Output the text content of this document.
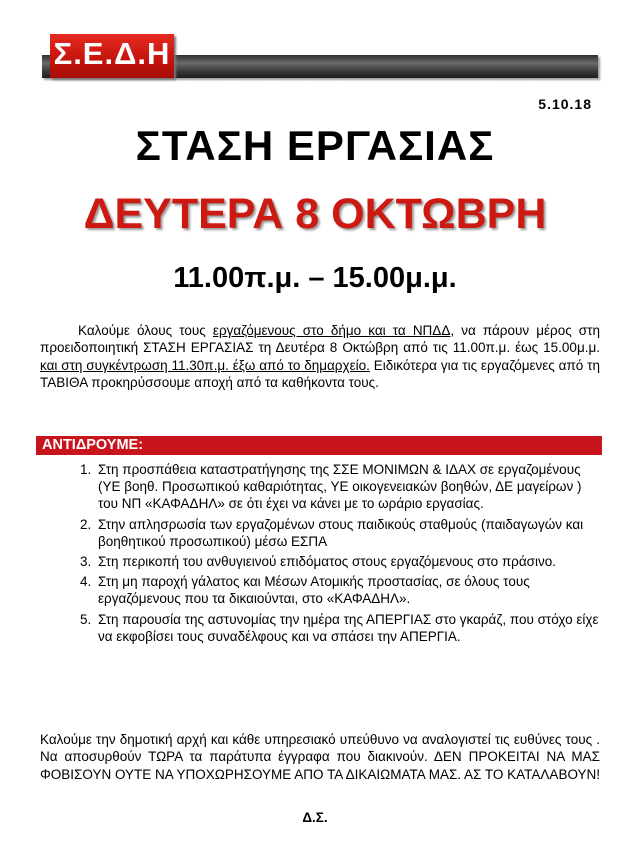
ΣΩΜΑΤΕΙΟ ΕΡΓΑΖΟΜΕΝΩΝ ΔΗΜΟΥ ΗΛΙΟΥΠΟΛΗΣ
Σ.Ε.Δ.Η
5.10.18
ΣΤΑΣΗ ΕΡΓΑΣΙΑΣ
ΔΕΥΤΕΡΑ 8 ΟΚΤΩΒΡΗ
11.00π.μ. – 15.00μ.μ.

Καλούμε όλους τους εργαζόμενους στο δήμο και τα ΝΠΔΔ, να πάρουν μέρος στη προειδοποιητική ΣΤΑΣΗ ΕΡΓΑΣΙΑΣ τη Δευτέρα 8 Οκτώβρη από τις 11.00π.μ. έως 15.00μ.μ. και στη συγκέντρωση 11.30π.μ. έξω από το δημαρχείο. Ειδικότερα για τις εργαζόμενες από τη ΤΑΒΙΘΑ προκηρύσσουμε αποχή από τα καθήκοντα τους.

ΑΝΤΙΔΡΟΥΜΕ:
1. Στη προσπάθεια καταστρατήγησης της ΣΣΕ ΜΟΝΙΜΩΝ & ΙΔΑΧ σε εργαζομένους (ΥΕ βοηθ. Προσωπικού καθαριότητας, ΥΕ οικογενειακών βοηθών, ΔΕ μαγείρων ) του ΝΠ «ΚΑΦΑΔΗΛ» σε ότι έχει να κάνει με το ωράριο εργασίας.
2. Στην απλησρωσία των εργαζομένων στους παιδικούς σταθμούς (παιδαγωγών και βοηθητικού προσωπικού) μέσω ΕΣΠΑ
3. Στη περικοπή του ανθυγιεινού επιδόματος στους εργαζόμενους στο πράσινο.
4. Στη μη παροχή γάλατος και Μέσων Ατομικής προστασίας, σε όλους τους εργαζόμενους που τα δικαιούνται, στο «ΚΑΦΑΔΗΛ».
5. Στη παρουσία της αστυνομίας την ημέρα της ΑΠΕΡΓΙΑΣ στο γκαράζ, που στόχο είχε να εκφοβίσει τους συναδέλφους και να σπάσει την ΑΠΕΡΓΙΑ.

Καλούμε την δημοτική αρχή και κάθε υπηρεσιακό υπεύθυνο να αναλογιστεί τις ευθύνες τους . Να αποσυρθούν ΤΩΡΑ τα παράτυπα έγγραφα που διακινούν. ΔΕΝ ΠΡΟΚΕΙΤΑΙ ΝΑ ΜΑΣ ΦΟΒΙΣΟΥΝ ΟΥΤΕ ΝΑ ΥΠΟΧΩΡΗΣΟΥΜΕ ΑΠΟ ΤΑ ΔΙΚΑΙΩΜΑΤΑ ΜΑΣ. ΑΣ ΤΟ ΚΑΤΑΛΑΒΟΥΝ!

Δ.Σ.
